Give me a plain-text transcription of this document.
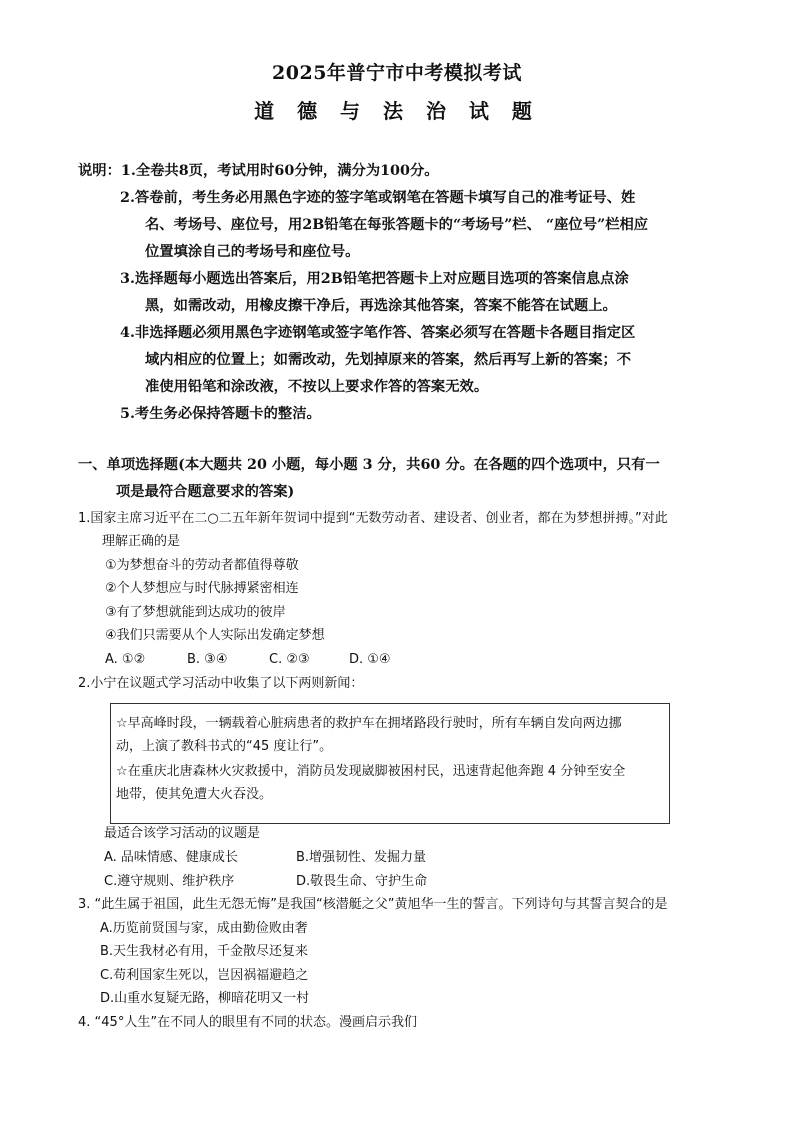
2025年普宁市中考模拟考试
道 德 与 法 治 试 题
说明：1.全卷共8页，考试用时60分钟，满分为100分。
2.答卷前，考生务必用黑色字迹的签字笔或钢笔在答题卡填写自己的准考证号、姓
名、考场号、座位号，用2B铅笔在每张答题卡的“考场号”栏、 “座位号”栏相应
位置填涂自己的考场号和座位号。
3.选择题每小题选出答案后，用2B铅笔把答题卡上对应题目选项的答案信息点涂
黑，如需改动，用橡皮擦干净后，再选涂其他答案，答案不能答在试题上。
4.非选择题必须用黑色字迹钢笔或签字笔作答、答案必须写在答题卡各题目指定区
域内相应的位置上；如需改动，先划掉原来的答案，然后再写上新的答案；不
准使用铅笔和涂改液，不按以上要求作答的答案无效。
5.考生务必保持答题卡的整洁。
一、单项选择题(本大题共 20 小题，每小题 3 分，共60 分。在各题的四个选项中，只有一
项是最符合题意要求的答案)
1.国家主席习近平在二○二五年新年贺词中提到“无数劳动者、建设者、创业者，都在为梦想拼搏。”对此
理解正确的是
①为梦想奋斗的劳动者都值得尊敬
②个人梦想应与时代脉搏紧密相连
③有了梦想就能到达成功的彼岸
④我们只需要从个人实际出发确定梦想
A. ①②	B. ③④	C. ②③	D. ①④
2.小宁在议题式学习活动中收集了以下两则新闻：
☆早高峰时段，一辆载着心脏病患者的救护车在拥堵路段行驶时，所有车辆自发向两边挪
动，上演了教科书式的“45 度让行”。
☆在重庆北唐森林火灾救援中，消防员发现崴脚被困村民，迅速背起他奔跑 4 分钟至安全
地带，使其免遭大火吞没。
最适合该学习活动的议题是
A. 品味情感、健康成长	B.增强韧性、发掘力量
C.遵守规则、维护秩序	D.敬畏生命、守护生命
3. “此生属于祖国，此生无怨无悔”是我国“核潜艇之父”黄旭华一生的誓言。下列诗句与其誓言契合的是
A.历览前贤国与家，成由勤俭败由奢
B.天生我材必有用，千金散尽还复来
C.苟利国家生死以，岂因祸福避趋之
D.山重水复疑无路，柳暗花明又一村
4. “45°人生”在不同人的眼里有不同的状态。漫画启示我们
